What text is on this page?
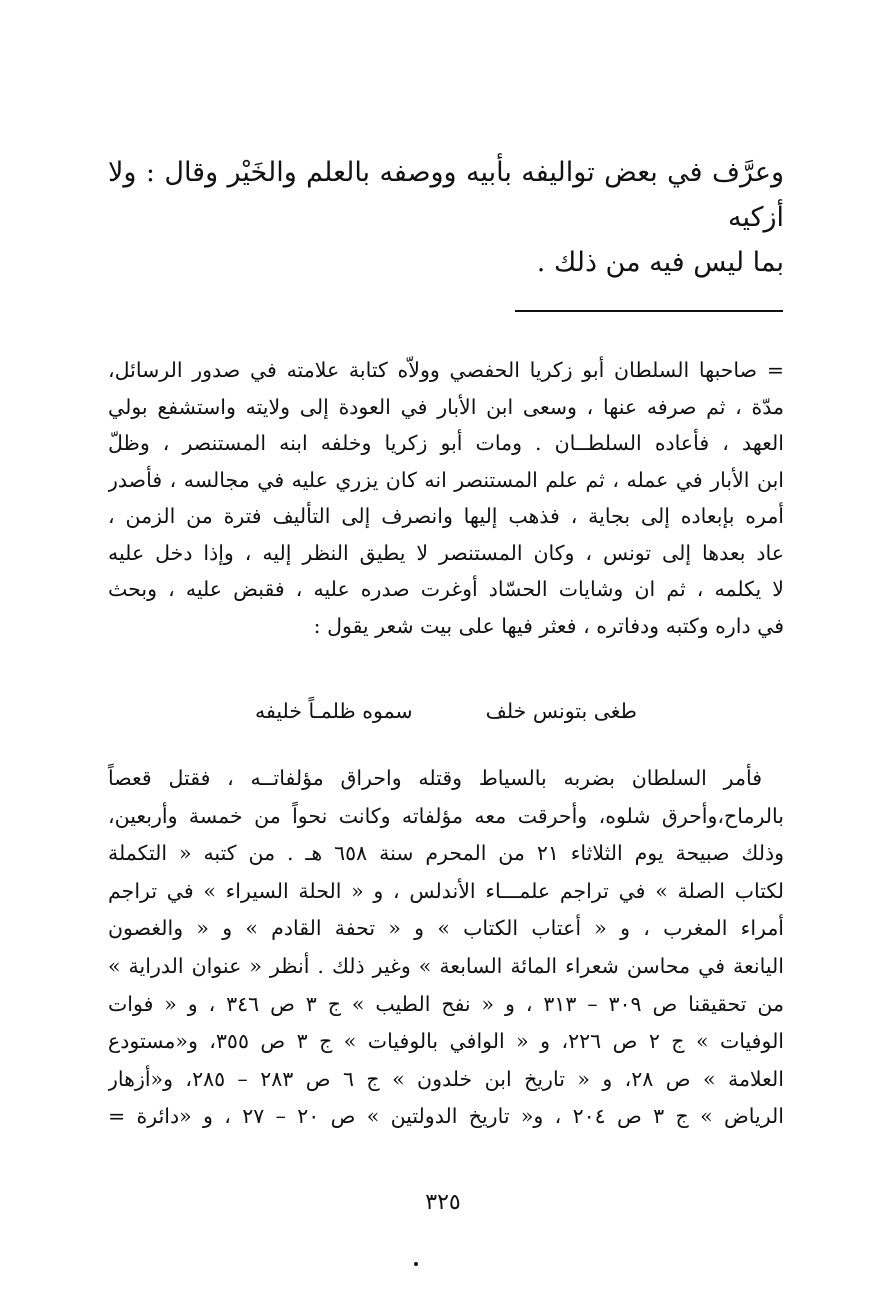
وعرَّف في بعض تواليفه بأبيه ووصفه بالعلم والخَيْر وقال : ولا أزكيه

بما ليس فيه من ذلك .

= صاحبها السلطان أبو زكريا الحفصي وولاّه كتابة علامته في صدور الرسائل،
مدّة ، ثم صرفه عنها ، وسعى ابن الأبار في العودة إلى ولايته واستشفع بولي
العهد ، فأعاده السلطــان . ومات أبو زكريا وخلفه ابنه المستنصر ، وظلّ
ابن الأبار في عمله ، ثم علم المستنصر انه كان يزري عليه في مجالسه ، فأصدر
أمره بإبعاده إلى بجاية ، فذهب إليها وانصرف إلى التأليف فترة من الزمن ،
عاد بعدها إلى تونس ، وكان المستنصر لا يطيق النظر إليه ، وإذا دخل عليه
لا يكلمه ، ثم ان وشايات الحسّاد أوغرت صدره عليه ، فقبض عليه ، وبحث
في داره وكتبه ودفاتره ، فعثر فيها على بيت شعر يقول :
طغى بتونس خلف  سموه ظلمـاً خليفه
فأمر السلطان بضربه بالسياط وقتله واحراق مؤلفاتــه ، فقتل قعصاً
بالرماح،وأحرق شلوه، وأحرقت معه مؤلفاته وكانت نحواً من خمسة وأربعين،
وذلك صبيحة يوم الثلاثاء ٢١ من المحرم سنة ٦٥٨ هـ . من كتبه « التكملة
لكتاب الصلة » في تراجم علمـــاء الأندلس ، و « الحلة السيراء » في تراجم
أمراء المغرب ، و « أعتاب الكتاب » و « تحفة القادم » و « والغصون
اليانعة في محاسن شعراء المائة السابعة » وغير ذلك . أنظر « عنوان الدراية »
من تحقيقنا ص ٣٠٩ – ٣١٣ ، و « نفح الطيب » ج ٣ ص ٣٤٦ ، و « فوات
الوفيات » ج ٢ ص ٢٢٦، و « الوافي بالوفيات » ج ٣ ص ٣٥٥، و«مستودع
العلامة » ص ٢٨، و « تاريخ ابن خلدون » ج ٦ ص ٢٨٣ – ٢٨٥، و«أزهار
الرياض » ج ٣ ص ٢٠٤ ، و« تاريخ الدولتين » ص ٢٠ – ٢٧ ، و «دائرة =
٣٢٥
